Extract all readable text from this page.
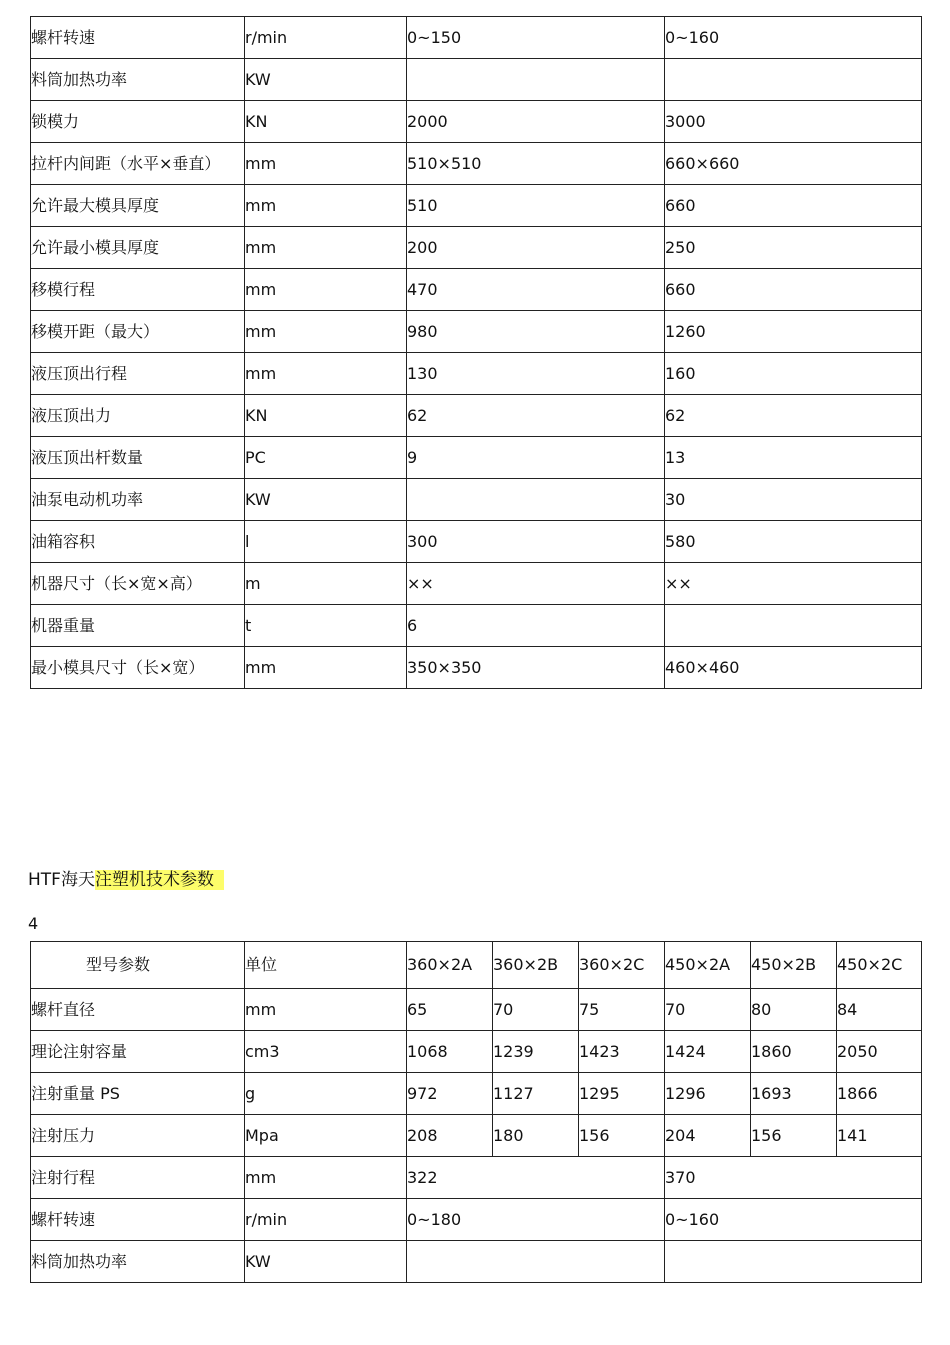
螺杆转速	r/min	0~150	0~160
料筒加热功率	KW		
锁模力	KN	2000	3000
拉杆内间距（水平×垂直）	mm	510×510	660×660
允许最大模具厚度	mm	510	660
允许最小模具厚度	mm	200	250
移模行程	mm	470	660
移模开距（最大）	mm	980	1260
液压顶出行程	mm	130	160
液压顶出力	KN	62	62
液压顶出杆数量	PC	9	13
油泵电动机功率	KW		30
油箱容积	l	300	580
机器尺寸（长×宽×高）	m	××	××
机器重量	t	6	
最小模具尺寸（长×宽）	mm	350×350	460×460
HTF海天注塑机技术参数
4
型号参数	单位	360×2A	360×2B	360×2C	450×2A	450×2B	450×2C
螺杆直径	mm	65	70	75	70	80	84
理论注射容量	cm3	1068	1239	1423	1424	1860	2050
注射重量 PS	g	972	1127	1295	1296	1693	1866
注射压力	Mpa	208	180	156	204	156	141
注射行程	mm	322			370		
螺杆转速	r/min	0~180			0~160		
料筒加热功率	KW						
